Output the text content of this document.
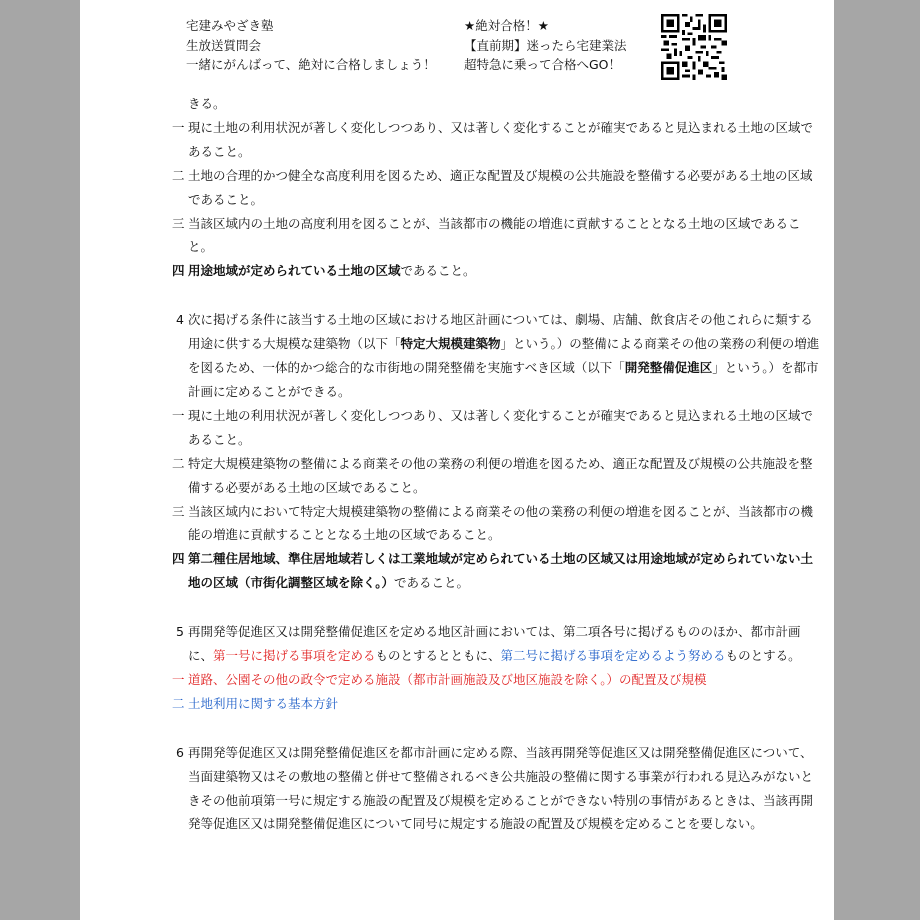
宅建みやざき塾
生放送質問会
一緒にがんばって、絶対に合格しましょう！
★絶対合格！★
【直前期】迷ったら宅建業法
超特急に乗って合格へGO！
きる。
一 現に土地の利用状況が著しく変化しつつあり、又は著しく変化することが確実であると見込まれる土地の区域であること。
二 土地の合理的かつ健全な高度利用を図るため、適正な配置及び規模の公共施設を整備する必要がある土地の区域であること。
三 当該区域内の土地の高度利用を図ることが、当該都市の機能の増進に貢献することとなる土地の区域であること。
四 用途地域が定められている土地の区域であること。
4 次に掲げる条件に該当する土地の区域における地区計画については、劇場、店舗、飲食店その他これらに類する用途に供する大規模な建築物（以下「特定大規模建築物」という。）の整備による商業その他の業務の利便の増進を図るため、一体的かつ総合的な市街地の開発整備を実施すべき区域（以下「開発整備促進区」という。）を都市計画に定めることができる。
一 現に土地の利用状況が著しく変化しつつあり、又は著しく変化することが確実であると見込まれる土地の区域であること。
二 特定大規模建築物の整備による商業その他の業務の利便の増進を図るため、適正な配置及び規模の公共施設を整備する必要がある土地の区域であること。
三 当該区域内において特定大規模建築物の整備による商業その他の業務の利便の増進を図ることが、当該都市の機能の増進に貢献することとなる土地の区域であること。
四 第二種住居地域、準住居地域若しくは工業地域が定められている土地の区域又は用途地域が定められていない土地の区域（市街化調整区域を除く。）であること。
5 再開発等促進区又は開発整備促進区を定める地区計画においては、第二項各号に掲げるもののほか、都市計画に、第一号に掲げる事項を定めるものとするとともに、第二号に掲げる事項を定めるよう努めるものとする。
一 道路、公園その他の政令で定める施設（都市計画施設及び地区施設を除く。）の配置及び規模
二 土地利用に関する基本方針
6 再開発等促進区又は開発整備促進区を都市計画に定める際、当該再開発等促進区又は開発整備促進区について、当面建築物又はその敷地の整備と併せて整備されるべき公共施設の整備に関する事業が行われる見込みがないときその他前項第一号に規定する施設の配置及び規模を定めることができない特別の事情があるときは、当該再開発等促進区又は開発整備促進区について同号に規定する施設の配置及び規模を定めることを要しない。
